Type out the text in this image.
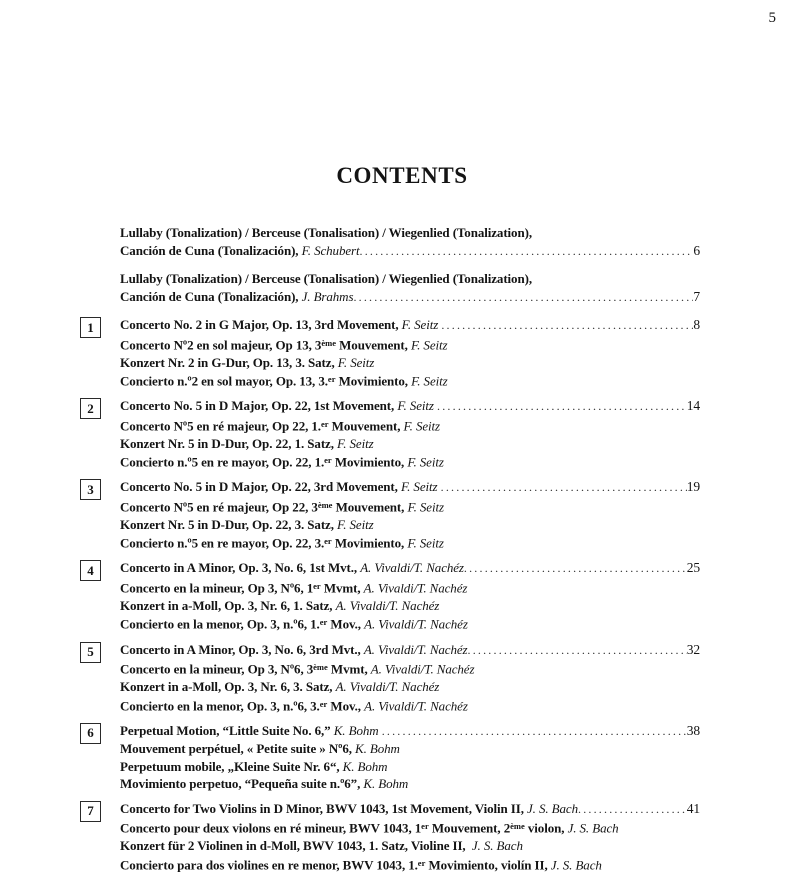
5
CONTENTS
Lullaby (Tonalization) / Berceuse (Tonalisation) / Wiegenlied (Tonalization),
Canción de Cuna (Tonalización), F. Schubert .....	6
Lullaby (Tonalization) / Berceuse (Tonalisation) / Wiegenlied (Tonalization),
Canción de Cuna (Tonalización), J. Brahms .....	7
1	Concerto No. 2 in G Major, Op. 13, 3rd Movement, F. Seitz .....	8
Concerto Nº2 en sol majeur, Op 13, 3ème Mouvement, F. Seitz
Konzert Nr. 2 in G-Dur, Op. 13, 3. Satz, F. Seitz
Concierto n.º2 en sol mayor, Op. 13, 3.$^{er}$ Movimiento, F. Seitz
2	Concerto No. 5 in D Major, Op. 22, 1st Movement, F. Seitz .....	14
Concerto Nº5 en ré majeur, Op 22, 1.$^{er}$ Mouvement, F. Seitz
Konzert Nr. 5 in D-Dur, Op. 22, 1. Satz, F. Seitz
Concierto n.º5 en re mayor, Op. 22, 1.$^{er}$ Movimiento, F. Seitz
3	Concerto No. 5 in D Major, Op. 22, 3rd Movement, F. Seitz .....	19
Concerto Nº5 en ré majeur, Op 22, 3ème Mouvement, F. Seitz
Konzert Nr. 5 in D-Dur, Op. 22, 3. Satz, F. Seitz
Concierto n.º5 en re mayor, Op. 22, 3.$^{er}$ Movimiento, F. Seitz
4	Concerto in A Minor, Op. 3, No. 6, 1st Mvt., A. Vivaldi/T. Nachéz .....	25
Concerto en la mineur, Op 3, Nº6, 1er Mvmt, A. Vivaldi/T. Nachéz
Konzert in a-Moll, Op. 3, Nr. 6, 1. Satz, A. Vivaldi/T. Nachéz
Concierto en la menor, Op. 3, n.º6, 1.$^{er}$ Mov., A. Vivaldi/T. Nachéz
5	Concerto in A Minor, Op. 3, No. 6, 3rd Mvt., A. Vivaldi/T. Nachéz .....	32
Concerto en la mineur, Op 3, Nº6, 3ème Mvmt, A. Vivaldi/T. Nachéz
Konzert in a-Moll, Op. 3, Nr. 6, 3. Satz, A. Vivaldi/T. Nachéz
Concierto en la menor, Op. 3, n.º6, 3.$^{er}$ Mov., A. Vivaldi/T. Nachéz
6	Perpetual Motion, “Little Suite No. 6,” K. Bohm .....	38
Mouvement perpétuel, « Petite suite » Nº6, K. Bohm
Perpetuum mobile, „Kleine Suite Nr. 6“, K. Bohm
Movimiento perpetuo, “Pequeña suite n.º6”, K. Bohm
7	Concerto for Two Violins in D Minor, BWV 1043, 1st Movement, Violin II, J. S. Bach .....	41
Concerto pour deux violons en ré mineur, BWV 1043, 1er Mouvement, 2ème violon, J. S. Bach
Konzert für 2 Violinen in d-Moll, BWV 1043, 1. Satz, Violine II,  J. S. Bach
Concierto para dos violines en re menor, BWV 1043, 1.$^{er}$ Movimiento, violín II, J. S. Bach
